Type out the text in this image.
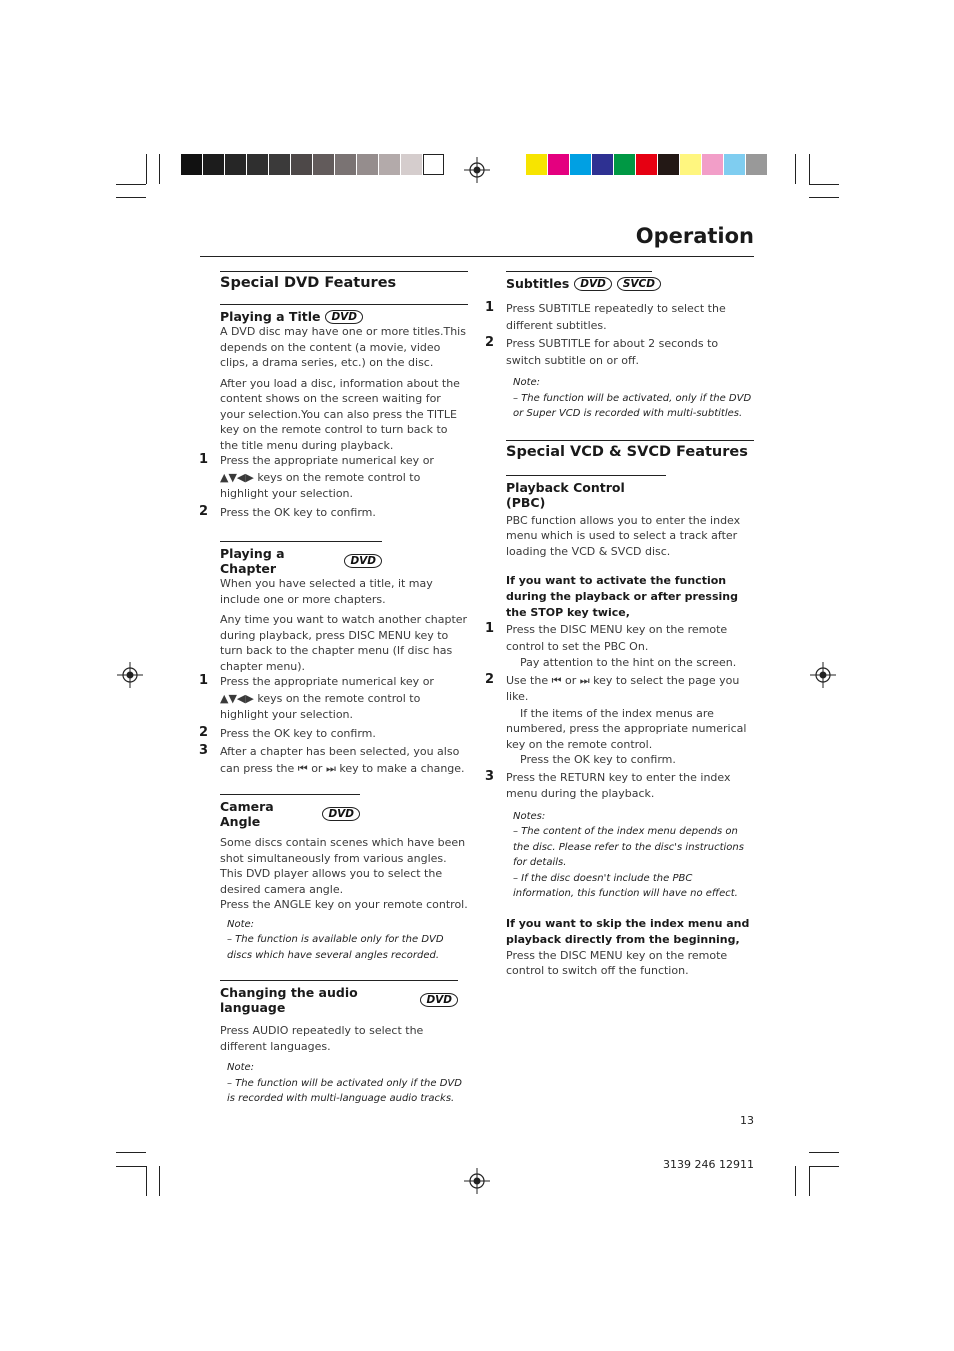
Operation
Special DVD Features
Playing a Title	DVD

A DVD disc may have one or more titles.This depends on the content (a movie, video clips, a drama series, etc.) on the disc.

After you load a disc, information about the content shows on the screen waiting for your selection.You can also press the TITLE key on the remote control to turn back to the title menu during playback.

1 Press the appropriate numerical key or ▲▼◀▶ keys on the remote control to highlight your selection.
2 Press the OK key to confirm.
Playing a Chapter	DVD

When you have selected a title, it may include one or more chapters.

Any time you want to watch another chapter during playback, press DISC MENU key to turn back to the chapter menu (If disc has chapter menu).

1 Press the appropriate numerical key or ▲▼◀▶ keys on the remote control to highlight your selection.
2 Press the OK key to confirm.
3 After a chapter has been selected, you also can press the ⏮ or ⏭ key to make a change.
Camera Angle	DVD

Some discs contain scenes which have been shot simultaneously from various angles.

This DVD player allows you to select the desired camera angle.

Press the ANGLE key on your remote control.

Note:
– The function is available only for the DVD discs which have several angles recorded.
Changing the audio language	DVD

Press AUDIO repeatedly to select the different languages.

Note:
– The function will be activated only if the DVD is recorded with multi-language audio tracks.
Subtitles	DVD	SVCD
1 Press SUBTITLE repeatedly to select the different subtitles.
2 Press SUBTITLE for about 2 seconds to switch subtitle on or off.
Note:
– The function will be activated, only if the DVD or Super VCD is recorded with multi-subtitles.
Special VCD & SVCD Features
Playback Control (PBC)

PBC function allows you to enter the index menu which is used to select a track after loading the VCD & SVCD disc.

If you want to activate the function during the playback or after pressing the STOP key twice,

1 Press the DISC MENU key on the remote control to set the PBC On.

Pay attention to the hint on the screen.

2 Use the ⏮ or ⏭ key to select the page you like.

If the items of the index menus are numbered, press the appropriate numerical key on the remote control.

Press the OK key to confirm.

3 Press the RETURN key to enter the index menu during the playback.
Notes:
– The content of the index menu depends on the disc. Please refer to the disc's instructions for details.
– If the disc doesn't include the PBC information, this function will have no effect.

If you want to skip the index menu and playback directly from the beginning,

Press the DISC MENU key on the remote control to switch off the function.

13
3139 246 12911
